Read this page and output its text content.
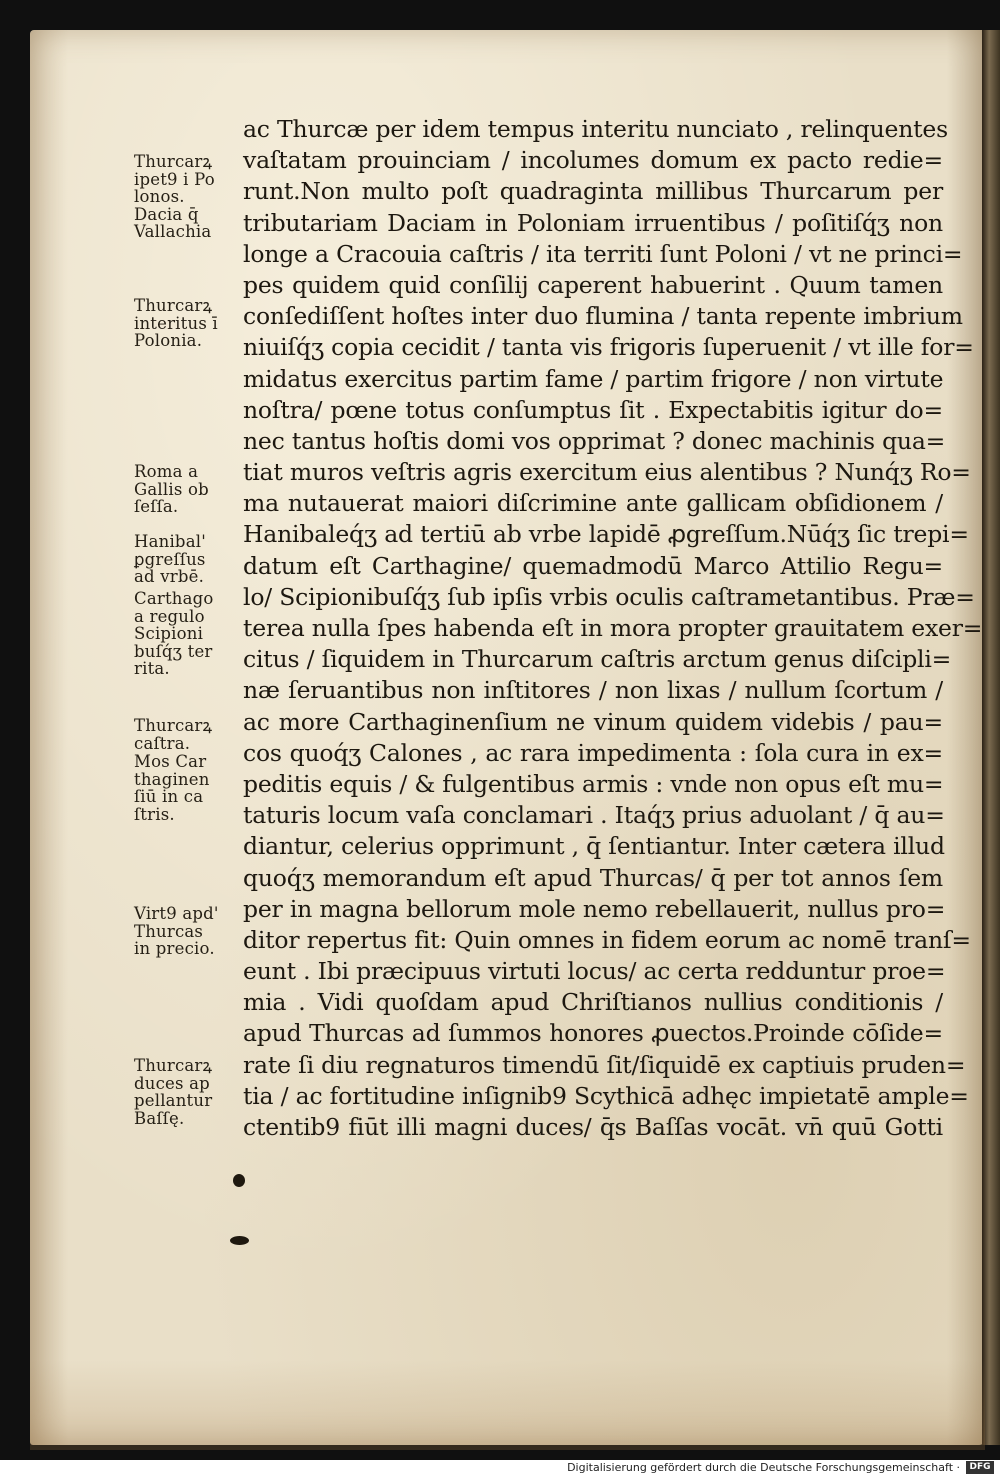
Thurcarꝝ
ipet9 i Po
lonos.
Dacia q̄
Vallachia
Thurcarꝝ
interitus ī
Polonia.
Roma a
Gallis ob
ſeſſa.
Hanibal'
ꝑgreſſus
ad vrbē.
Carthago
a regulo
Scipioni
buſq́ʒ ter
rita.
Thurcarꝝ
caſtra.
Mos Car
thaginen
ſiū in ca
ſtris.
Virt9 apd'
Thurcas
in precio.
Thurcarꝝ
duces ap
pellantur
Baſſę.
ac Thurcæ per idem tempus interitu nunciato , relinquentes
vaſtatam prouinciam / incolumes domum ex pacto redie=
runt.Non multo poſt quadraginta millibus Thurcarum per
tributariam Daciam in Poloniam irruentibus / poſitiſq́ʒ non
longe a Cracouia caſtris / ita territi ſunt Poloni / vt ne princi=
pes quidem quid conſilij caperent habuerint . Quum tamen
conſediſſent hoſtes inter duo flumina / tanta repente imbrium
niuiſq́ʒ copia cecidit / tanta vis frigoris ſuperuenit / vt ille for=
midatus exercitus partim fame / partim frigore / non virtute
noſtra/ pœne totus conſumptus ſit . Expectabitis igitur do=
nec tantus hoſtis domi vos opprimat ? donec machinis qua=
tiat muros veſtris agris exercitum eius alentibus ? Nunq́ʒ Ro=
ma nutauerat maiori diſcrimine ante gallicam obſidionem /
Hanibaleq́ʒ ad tertiū ab vrbe lapidē ꝓgreſſum.Nūq́ʒ ſic trepi=
datum eſt Carthagine/ quemadmodū Marco Attilio Regu=
lo/ Scipionibuſq́ʒ ſub ipſis vrbis oculis caſtrametantibus. Præ=
terea nulla ſpes habenda eſt in mora propter grauitatem exer=
citus / ſiquidem in Thurcarum caſtris arctum genus diſcipli=
næ ſeruantibus non inſtitores / non lixas / nullum ſcortum /
ac more Carthaginenſium ne vinum quidem videbis / pau=
cos quoq́ʒ Calones , ac rara impedimenta : ſola cura in ex=
peditis equis / & fulgentibus armis : vnde non opus eſt mu=
taturis locum vaſa conclamari . Itaq́ʒ prius aduolant / q̄ au=
diantur, celerius opprimunt , q̄ ſentiantur. Inter cætera illud
quoq́ʒ memorandum eſt apud Thurcas/ q̄ per tot annos ſem
per in magna bellorum mole nemo rebellauerit, nullus pro=
ditor repertus fit: Quin omnes in fidem eorum ac nomē tranſ=
eunt . Ibi præcipuus virtuti locus/ ac certa redduntur proe=
mia . Vidi quoſdam apud Chriſtianos nullius conditionis /
apud Thurcas ad ſummos honores ꝓuectos.Proinde cōſide=
rate ſi diu regnaturos timendū ſit/ſiquidē ex captiuis pruden=
tia / ac fortitudine inſignib9 Scythicā adhęc impietatē ample=
ctentib9 fiūt illi magni duces/ q̄s Baſſas vocāt. vn̄ quū Gotti
Digitalisierung gefördert durch die Deutsche Forschungsgemeinschaft ·	DFG
